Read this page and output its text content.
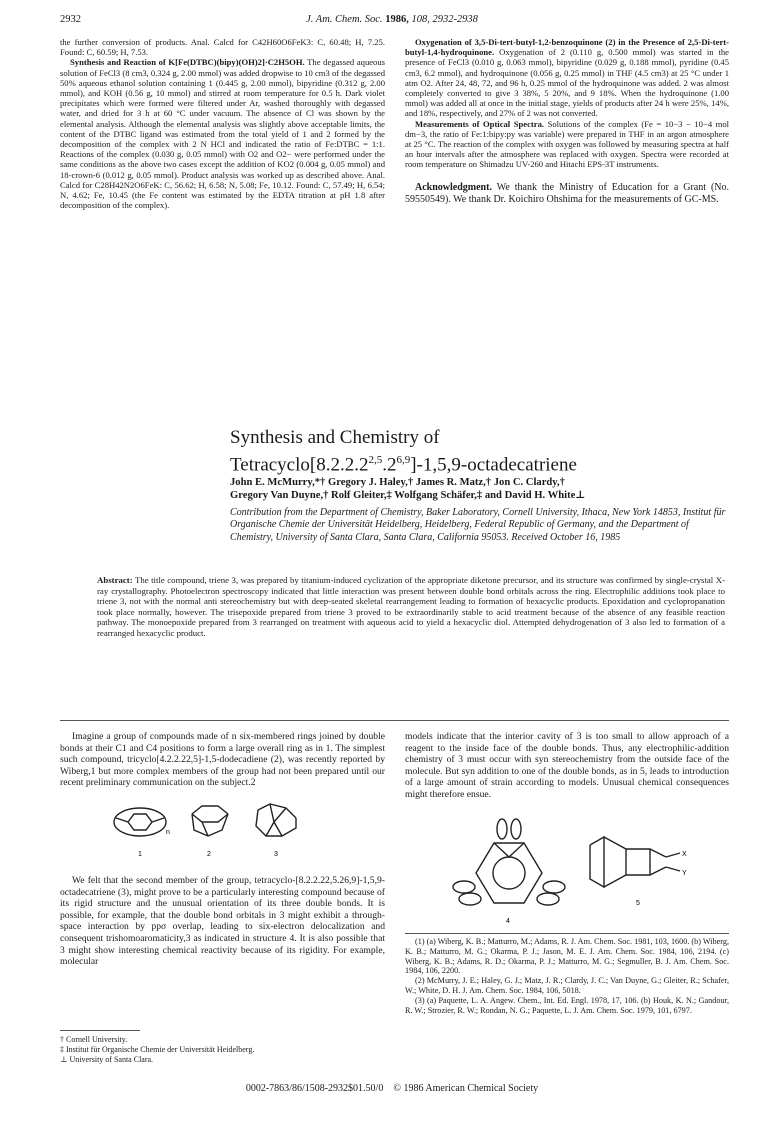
2932	J. Am. Chem. Soc. 1986, 108, 2932-2938

the further conversion of products. Anal. Calcd for C42H60O6FeK3: C, 60.48; H, 7.25. Found: C, 60.59; H, 7.53.

Synthesis and Reaction of K[Fe(DTBC)(bipy)(OH)2]·C2H5OH. The degassed aqueous solution of FeCl3 (8 cm3, 0.324 g, 2.00 mmol) was added dropwise to 10 cm3 of the degassed 50% aqueous ethanol solution containing 1 (0.445 g, 2.00 mmol), bipyridine (0.312 g, 2.00 mmol), and KOH (0.56 g, 10 mmol) and stirred at room temperature for 0.5 h. Dark violet precipitates which were formed were filtered under Ar, washed thoroughly with degassed water, and dried for 3 h at 60 °C under vacuum. The absence of Cl was shown by the elemental analysis. Although the elemental analysis was slightly above acceptable limits, the content of the DTBC ligand was estimated from the total yield of 1 and 2 formed by the decomposition of the complex with 2 N HCl and indicated the ratio of Fe:DTBC = 1:1. Reactions of the complex (0.030 g, 0.05 mmol) with O2 and O2− were performed under the same conditions as the above two cases except the addition of KO2 (0.004 g, 0.05 mmol) and 18-crown-6 (0.012 g, 0.05 mmol). Product analysis was worked up as described above. Anal. Calcd for C28H42N2O6FeK: C, 56.62; H, 6.58; N, 5.08; Fe, 10.12. Found: C, 57.49; H, 6.54; N, 4.62; Fe, 10.45 (the Fe content was estimated by the EDTA titration at pH 1.8 after decomposition of the complex).

Oxygenation of 3,5-Di-tert-butyl-1,2-benzoquinone (2) in the Presence of 2,5-Di-tert-butyl-1,4-hydroquinone. Oxygenation of 2 (0.110 g, 0.500 mmol) was started in the presence of FeCl3 (0.010 g, 0.063 mmol), bipyridine (0.029 g, 0.188 mmol), pyridine (0.45 cm3, 6.2 mmol), and hydroquinone (0.056 g, 0.25 mmol) in THF (4.5 cm3) at 25 °C under 1 atm O2. After 24, 48, 72, and 96 h, 0.25 mmol of the hydroquinone was added. 2 was almost completely converted to give 3 38%, 5 20%, and 9 18%. When the hydroquinone (1.00 mmol) was added all at once in the initial stage, yields of products after 24 h were 25%, 14%, and 18%, respectively, and 27% of 2 was not converted.

Measurements of Optical Spectra. Solutions of the complex (Fe = 10−3 − 10−4 mol dm−3, the ratio of Fe:1:bipy:py was variable) were prepared in THF in an argon atmosphere at 25 °C. The reaction of the complex with oxygen was followed by measuring spectra at half an hour intervals after the atmosphere was replaced with oxygen. Spectra were recorded at room temperature on Shimadzu UV-260 and Hitachi EPS-3T instruments.

Acknowledgment. We thank the Ministry of Education for a Grant (No. 59550549). We thank Dr. Koichiro Ohshima for the measurements of GC-MS.

Synthesis and Chemistry of
Tetracyclo[8.2.2.2$^{2,5}$.2$^{6,9}$]-1,5,9-octadecatriene
John E. McMurry,*† Gregory J. Haley,† James R. Matz,† Jon C. Clardy,†
Gregory Van Duyne,† Rolf Gleiter,‡ Wolfgang Schäfer,‡ and David H. White⊥
Contribution from the Department of Chemistry, Baker Laboratory, Cornell University, Ithaca, New York 14853, Institut für Organische Chemie der Universität Heidelberg, Heidelberg, Federal Republic of Germany, and the Department of Chemistry, University of Santa Clara, Santa Clara, California 95053. Received October 16, 1985
Abstract: The title compound, triene 3, was prepared by titanium-induced cyclization of the appropriate diketone precursor, and its structure was confirmed by single-crystal X-ray crystallography. Photoelectron spectroscopy indicated that little interaction was present between double bond orbitals across the ring. Electrophilic additions took place to triene 3, not with the normal anti stereochemistry but with deep-seated skeletal rearrangement leading to formation of hexacyclic products. Epoxidation and cyclopropanation took place normally, however. The trisepoxide prepared from triene 3 proved to be extraordinarily stable to acid treatment because of the absence of any feasible reaction pathway. The monoepoxide prepared from 3 rearranged on treatment with aqueous acid to yield a hexacyclic diol. Attempted dehydrogenation of 3 also led to formation of a rearranged hexacyclic product.

Imagine a group of compounds made of n six-membered rings joined by double bonds at their C1 and C4 positions to form a large overall ring as in 1. The simplest such compound, tricyclo[4.2.2.22,5]-1,5-dodecadiene (2), was recently reported by Wiberg,1 but more complex members of the group had not been prepared until our recent preliminary communication on the subject.2

n
1	2	3

We felt that the second member of the group, tetracyclo-[8.2.2.22,5.26,9]-1,5,9-octadecatriene (3), might prove to be a particularly interesting compound because of its rigid structure and the unusual orientation of its three double bonds. It is possible, for example, that the double bond orbitals in 3 might exhibit a through-space interaction by ppσ overlap, leading to six-electron delocalization and consequent trishomoaromaticity,3 as indicated in structure 4. It is also possible that 3 might show interesting chemical reactivity because of its rigidity. For example, molecular

† Cornell University.
‡ Institut für Organische Chemie der Universität Heidelberg.
⊥ University of Santa Clara.

models indicate that the interior cavity of 3 is too small to allow approach of a reagent to the inside face of the double bonds. Thus, any electrophilic-addition chemistry of 3 must occur with syn stereochemistry from the outside face of the molecule. But syn addition to one of the double bonds, as in 5, leads to introduction of a large amount of strain according to models. Unusual chemical consequences might therefore ensue.

4
X
Y
5

(1) (a) Wiberg, K. B.; Matturro, M.; Adams, R. J. Am. Chem. Soc. 1981, 103, 1600. (b) Wiberg, K. B.; Matturro, M. G.; Okarma, P. J.; Jason, M. E. J. Am. Chem. Soc. 1984, 106, 2194. (c) Wiberg, K. B.; Adams, R. D.; Okarma, P. J.; Matturro, M. G.; Segmuller, B. J. Am. Chem. Soc. 1984, 106, 2200.

(2) McMurry, J. E.; Haley, G. J.; Matz, J. R.; Clardy, J. C.; Van Duyne, G.; Gleiter, R.; Schafer, W.; White, D. H. J. Am. Chem. Soc. 1984, 106, 5018.

(3) (a) Paquette, L. A. Angew. Chem., Int. Ed. Engl. 1978, 17, 106. (b) Houk, K. N.; Gandour, R. W.; Strozier, R. W.; Rondan, N. G.; Paquette, L. J. Am. Chem. Soc. 1979, 101, 6797.

0002-7863/86/1508-2932$01.50/0 © 1986 American Chemical Society
